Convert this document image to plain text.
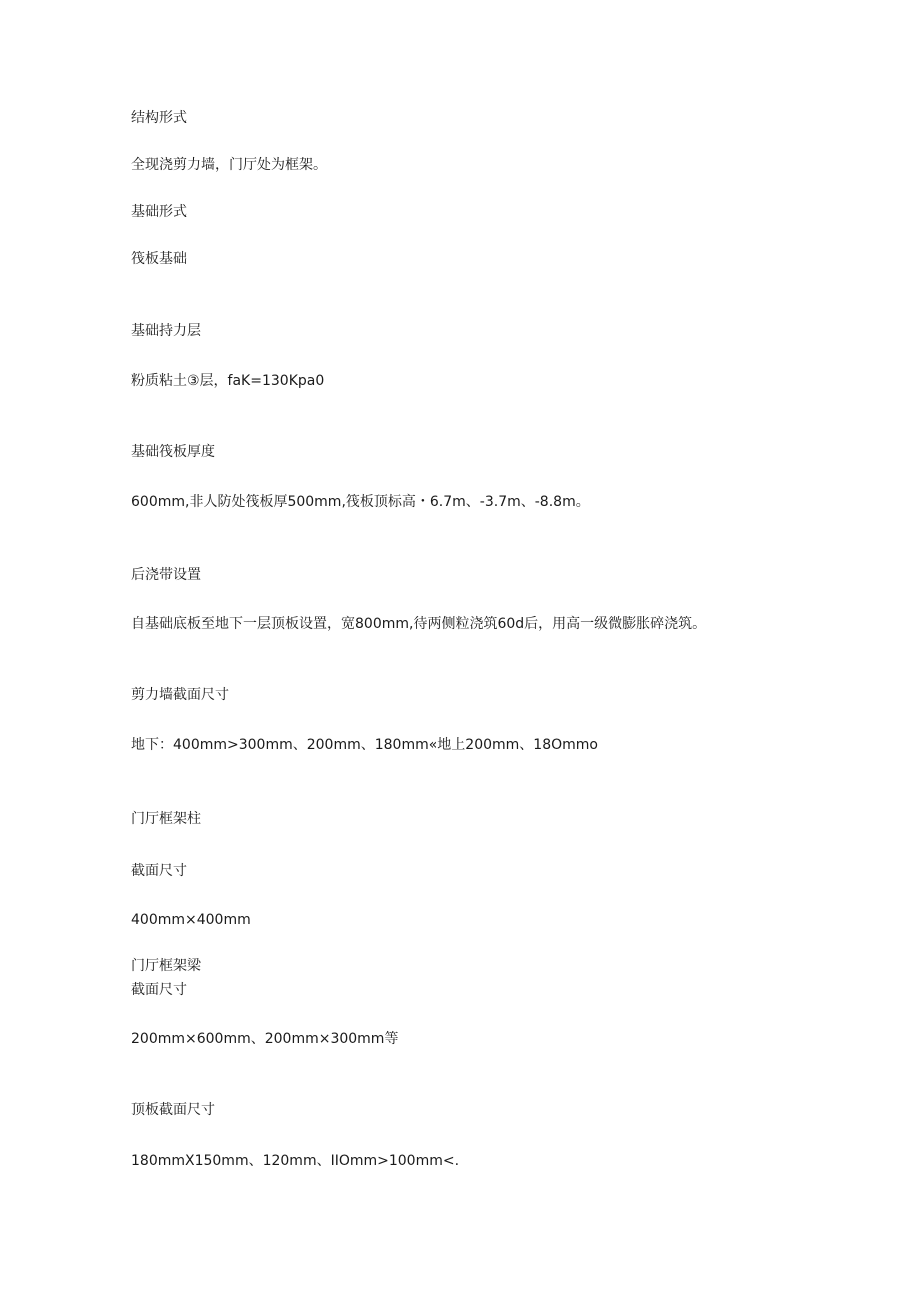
结构形式
全现浇剪力墙，门厅处为框架。
基础形式
筏板基础
基础持力层
粉质粘土③层，faK=130Kpa0
基础筏板厚度
600mm,非人防处筏板厚500mm,筏板顶标高・6.7m、-3.7m、-8.8m。
后浇带设置
自基础底板至地下一层顶板设置，宽800mm,待两侧粒浇筑60d后，用高一级微膨胀碎浇筑。
剪力墙截面尺寸
地下：400mm>300mm、200mm、180mm«地上200mm、18Ommo
门厅框架柱
截面尺寸
400mm×400mm
门厅框架梁
截面尺寸
200mm×600mm、200mm×300mm等
顶板截面尺寸
180mmX150mm、120mm、IIOmm>100mm<.
